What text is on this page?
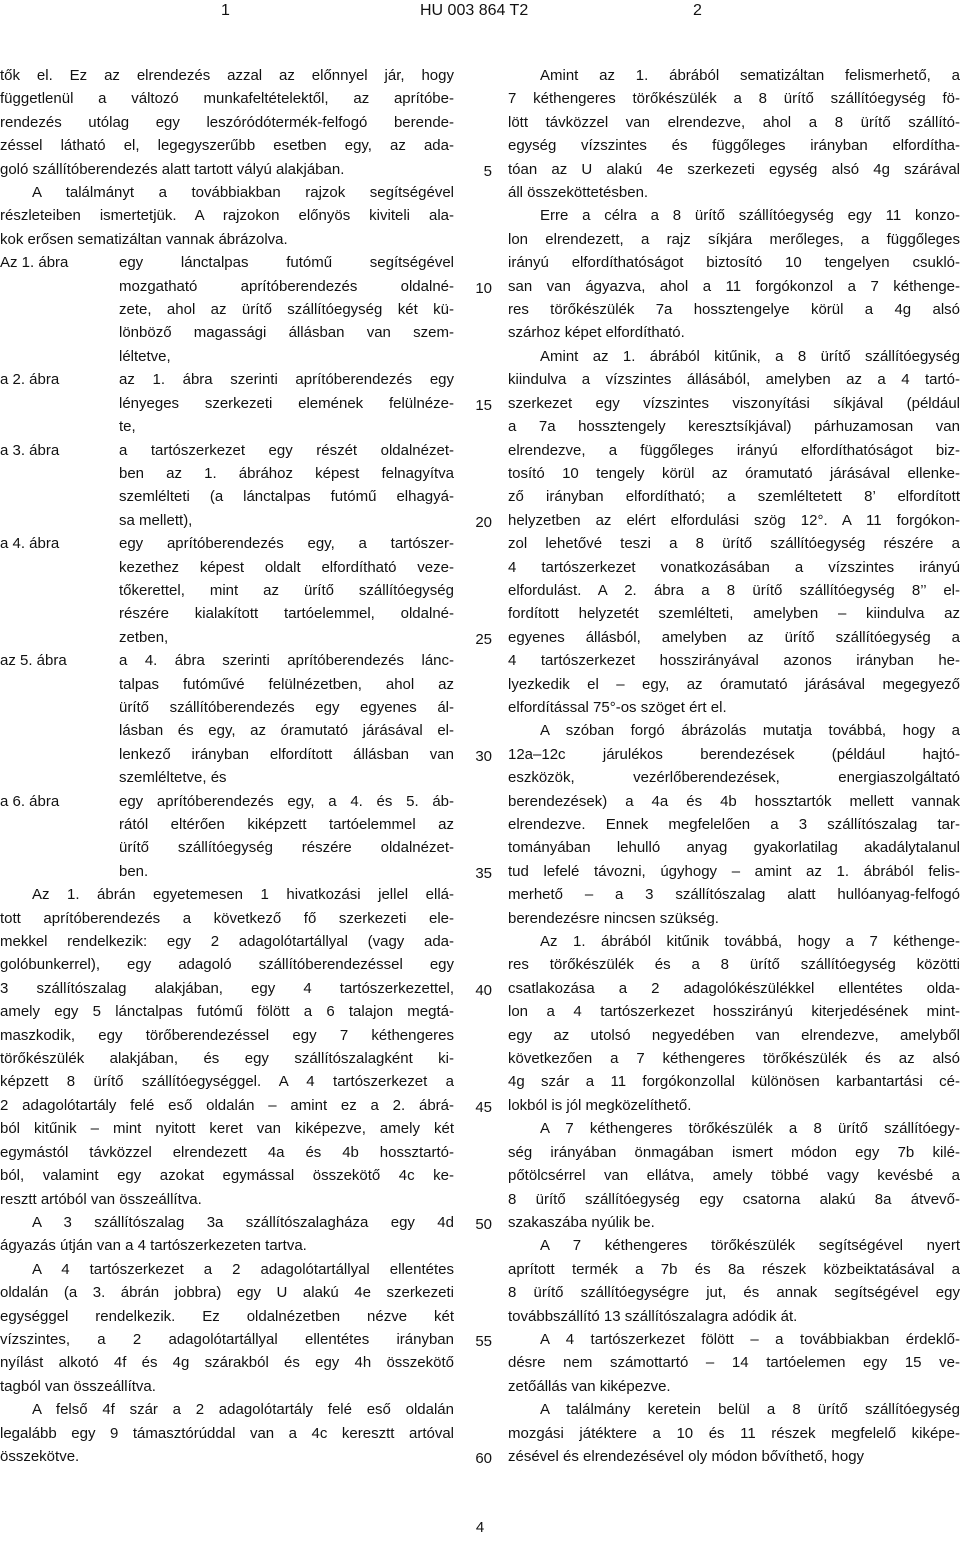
1	HU 003 864 T2	2
tők el. Ez az elrendezés azzal az előnnyel jár, hogy
függetlenül a változó munkafeltételektől, az aprítóbe-
rendezés utólag egy leszóródótermék-felfogó berende-
zéssel látható el, legegyszerűbb esetben egy, az ada-
goló szállítóberendezés alatt tartott vályú alakjában.
A találmányt a továbbiakban rajzok segítségével
részleteiben ismertetjük. A rajzokon előnyös kiviteli ala-
kok erősen sematizáltan vannak ábrázolva.
Az 1. ábra	egy lánctalpas futómű segítségével
mozgatható aprítóberendezés oldalné-
zete, ahol az ürítő szállítóegység két kü-
lönböző magassági állásban van szem-
léltetve,
a 2. ábra	az 1. ábra szerinti aprítóberendezés egy
lényeges szerkezeti elemének felülnéze-
te,
a 3. ábra	a tartószerkezet egy részét oldalnézet-
ben az 1. ábrához képest felnagyítva
szemlélteti (a lánctalpas futómű elhagyá-
sa mellett),
a 4. ábra	egy aprítóberendezés egy, a tartószer-
kezethez képest oldalt elfordítható veze-
tőkerettel, mint az ürítő szállítóegység
részére kialakított tartóelemmel, oldalné-
zetben,
az 5. ábra	a 4. ábra szerinti aprítóberendezés lánc-
talpas futóművé felülnézetben, ahol az
ürítő szállítóberendezés egy egyenes ál-
lásban és egy, az óramutató járásával el-
lenkező irányban elfordított állásban van
szemléltetve, és
a 6. ábra	egy aprítóberendezés egy, a 4. és 5. áb-
rától eltérően kiképzett tartóelemmel az
ürítő szállítóegység részére oldalnézet-
ben.
Az 1. ábrán egyetemesen 1 hivatkozási jellel ellá-
tott aprítóberendezés a következő fő szerkezeti ele-
mekkel rendelkezik: egy 2 adagolótartállyal (vagy ada-
golóbunkerrel), egy adagoló szállítóberendezéssel egy
3 szállítószalag alakjában, egy 4 tartószerkezettel,
amely egy 5 lánctalpas futómű fölött a 6 talajon megtá-
maszkodik, egy törőberendezéssel egy 7 kéthengeres
törőkészülék alakjában, és egy szállítószalagként ki-
képzett 8 ürítő szállítóegységgel. A 4 tartószerkezet a
2 adagolótartály felé eső oldalán – amint ez a 2. ábrá-
ból kitűnik – mint nyitott keret van kiképezve, amely két
egymástól távközzel elrendezett 4a és 4b hossztartó-
ból, valamint egy azokat egymással összekötő 4c ke-
resztt artóból van összeállítva.
A 3 szállítószalag 3a szállítószalagháza egy 4d
ágyazás útján van a 4 tartószerkezeten tartva.
A 4 tartószerkezet a 2 adagolótartállyal ellentétes
oldalán (a 3. ábrán jobbra) egy U alakú 4e szerkezeti
egységgel rendelkezik. Ez oldalnézetben nézve két
vízszintes, a 2 adagolótartállyal ellentétes irányban
nyílást alkotó 4f és 4g szárakból és egy 4h összekötő
tagból van összeállítva.
A felső 4f szár a 2 adagolótartály felé eső oldalán
legalább egy 9 támasztórúddal van a 4c keresztt artóval
összekötve.
Amint az 1. ábrából sematizáltan felismerhető, a
7 kéthengeres törőkészülék a 8 ürítő szállítóegység fö-
lött távközzel van elrendezve, ahol a 8 ürítő szállító-
egység vízszintes és függőleges irányban elfordítha-
tóan az U alakú 4e szerkezeti egység alsó 4g szárával
áll összeköttetésben.
Erre a célra a 8 ürítő szállítóegység egy 11 konzo-
lon elrendezett, a rajz síkjára merőleges, a függőleges
irányú elfordíthatóságot biztosító 10 tengelyen csukló-
san van ágyazva, ahol a 11 forgókonzol a 7 kéthenge-
res törőkészülék 7a hossztengelye körül a 4g alsó
szárhoz képet elfordítható.
Amint az 1. ábrából kitűnik, a 8 ürítő szállítóegység
kiindulva a vízszintes állásából, amelyben az a 4 tartó-
szerkezet egy vízszintes viszonyítási síkjával (például
a 7a hossztengely keresztsíkjával) párhuzamosan van
elrendezve, a függőleges irányú elfordíthatóságot biz-
tosító 10 tengely körül az óramutató járásával ellenke-
ző irányban elfordítható; a szemléltetett 8’ elfordított
helyzetben az elért elfordulási szög 12°. A 11 forgókon-
zol lehetővé teszi a 8 ürítő szállítóegység részére a
4 tartószerkezet vonatkozásában a vízszintes irányú
elfordulást. A 2. ábra a 8 ürítő szállítóegység 8’’ el-
fordított helyzetét szemlélteti, amelyben – kiindulva az
egyenes állásból, amelyben az ürítő szállítóegység a
4 tartószerkezet hosszirányával azonos irányban he-
lyezkedik el – egy, az óramutató járásával megegyező
elfordítással 75°-os szöget ért el.
A szóban forgó ábrázolás mutatja továbbá, hogy a
12a–12c járulékos berendezések (például hajtó-
eszközök, vezérlőberendezések, energiaszolgáltató
berendezések) a 4a és 4b hossztartók mellett vannak
elrendezve. Ennek megfelelően a 3 szállítószalag tar-
tományában lehulló anyag gyakorlatilag akadálytalanul
tud lefelé távozni, úgyhogy – amint az 1. ábrából felis-
merhető – a 3 szállítószalag alatt hullóanyag-felfogó
berendezésre nincsen szükség.
Az 1. ábrából kitűnik továbbá, hogy a 7 kéthenge-
res törőkészülék és a 8 ürítő szállítóegység közötti
csatlakozása a 2 adagolókészülékkel ellentétes olda-
lon a 4 tartószerkezet hosszirányú kiterjedésének mint-
egy az utolsó negyedében van elrendezve, amelyből
következően a 7 kéthengeres törőkészülék és az alsó
4g szár a 11 forgókonzollal különösen karbantartási cé-
lokból is jól megközelíthető.
A 7 kéthengeres törőkészülék a 8 ürítő szállítóegy-
ség irányában önmagában ismert módon egy 7b kilé-
pőtölcsérrel van ellátva, amely többé vagy kevésbé a
8 ürítő szállítóegység egy csatorna alakú 8a átvevő-
szakaszába nyúlik be.
A 7 kéthengeres törőkészülék segítségével nyert
aprított termék a 7b és 8a részek közbeiktatásával a
8 ürítő szállítóegységre jut, és annak segítségével egy
továbbszállító 13 szállítószalagra adódik át.
A 4 tartószerkezet fölött – a továbbiakban érdeklő-
désre nem számottartó – 14 tartóelemen egy 15 ve-
zetőállás van kiképezve.
A találmány keretein belül a 8 ürítő szállítóegység
mozgási játéktere a 10 és 11 részek megfelelő kiképe-
zésével és elrendezésével oly módon bővíthető, hogy
5
10
15
20
25
30
35
40
45
50
55
60
4
